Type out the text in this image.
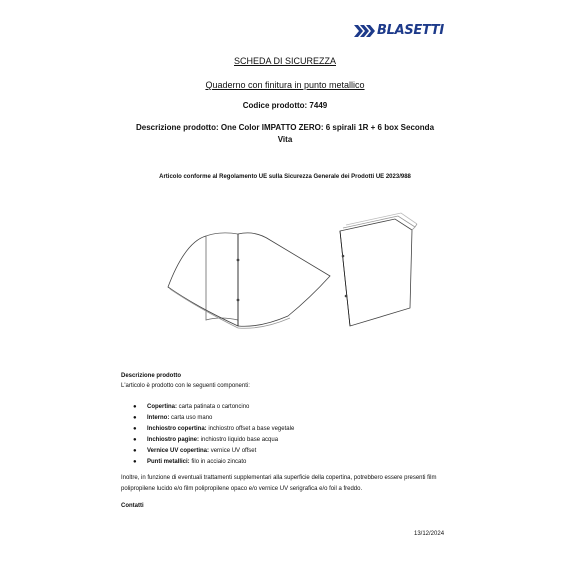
BLASETTI
SCHEDA DI SICUREZZA
Quaderno con finitura in punto metallico
Codice prodotto: 7449
Descrizione prodotto: One Color IMPATTO ZERO: 6 spirali 1R + 6 box Seconda Vita
Articolo conforme al Regolamento UE sulla Sicurezza Generale dei Prodotti UE 2023/988
Descrizione prodotto
L'articolo è prodotto con le seguenti componenti:
● Copertina: carta patinata o cartoncino
● Interno: carta uso mano
● Inchiostro copertina: inchiostro offset a base vegetale
● Inchiostro pagine: inchiostro liquido base acqua
● Vernice UV copertina: vernice UV offset
● Punti metallici: filo in acciaio zincato
Inoltre, in funzione di eventuali trattamenti supplementari alla superficie della copertina, potrebbero essere presenti film polipropilene lucido e/o film polipropilene opaco e/o vernice UV serigrafica e/o foil a freddo.
Contatti
13/12/2024
